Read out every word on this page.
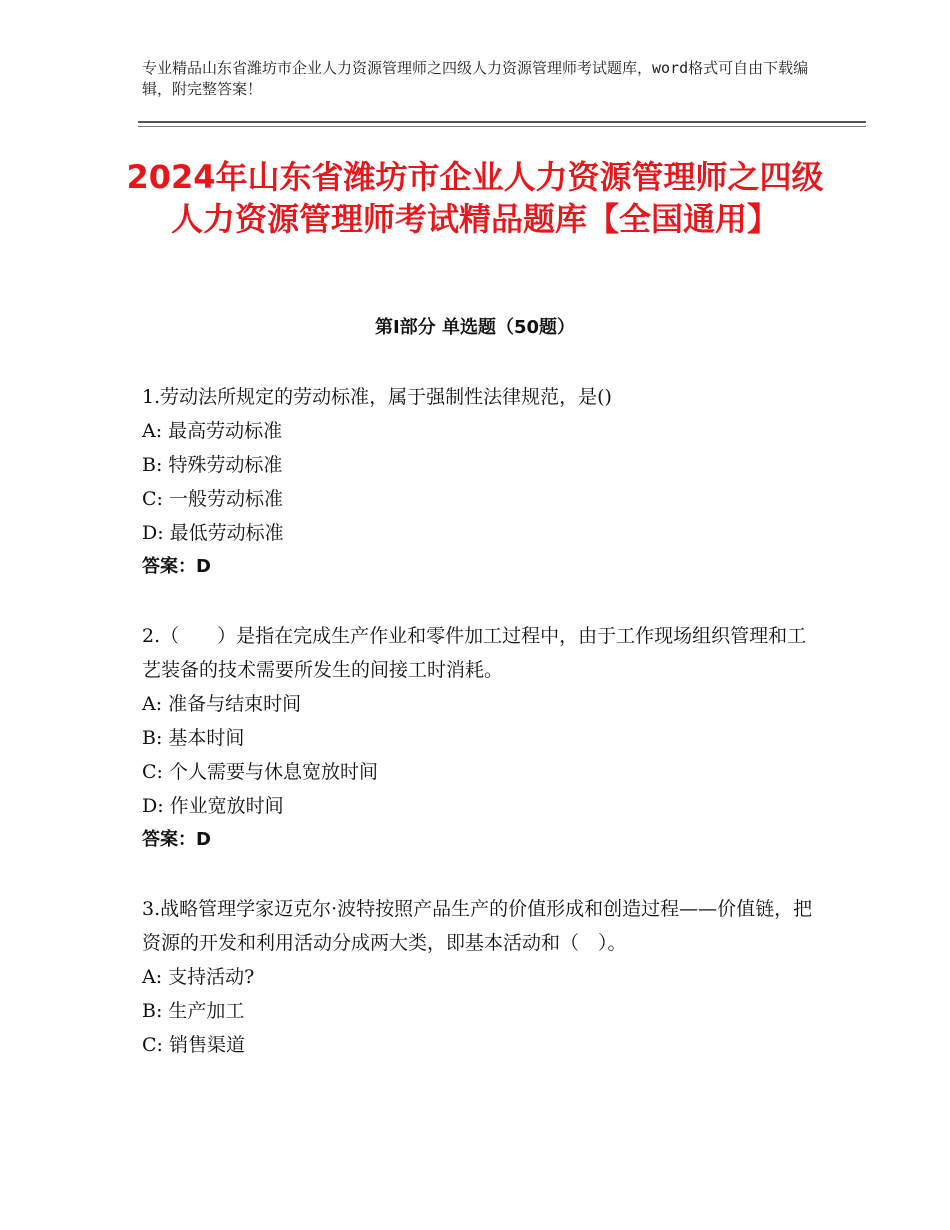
专业精品山东省潍坊市企业人力资源管理师之四级人力资源管理师考试题库，word格式可自由下载编辑，附完整答案！
2024年山东省潍坊市企业人力资源管理师之四级人力资源管理师考试精品题库【全国通用】
第Ⅰ部分 单选题（50题）

1.劳动法所规定的劳动标准，属于强制性法律规范，是()

A: 最高劳动标准

B: 特殊劳动标准

C: 一般劳动标准

D: 最低劳动标准

答案：D

2.（　　）是指在完成生产作业和零件加工过程中，由于工作现场组织管理和工艺装备的技术需要所发生的间接工时消耗。

A: 准备与结束时间

B: 基本时间

C: 个人需要与休息宽放时间

D: 作业宽放时间

答案：D

3.战略管理学家迈克尔·波特按照产品生产的价值形成和创造过程——价值链，把资源的开发和利用活动分成两大类，即基本活动和（　）。

A: 支持活动?

B: 生产加工

C: 销售渠道
